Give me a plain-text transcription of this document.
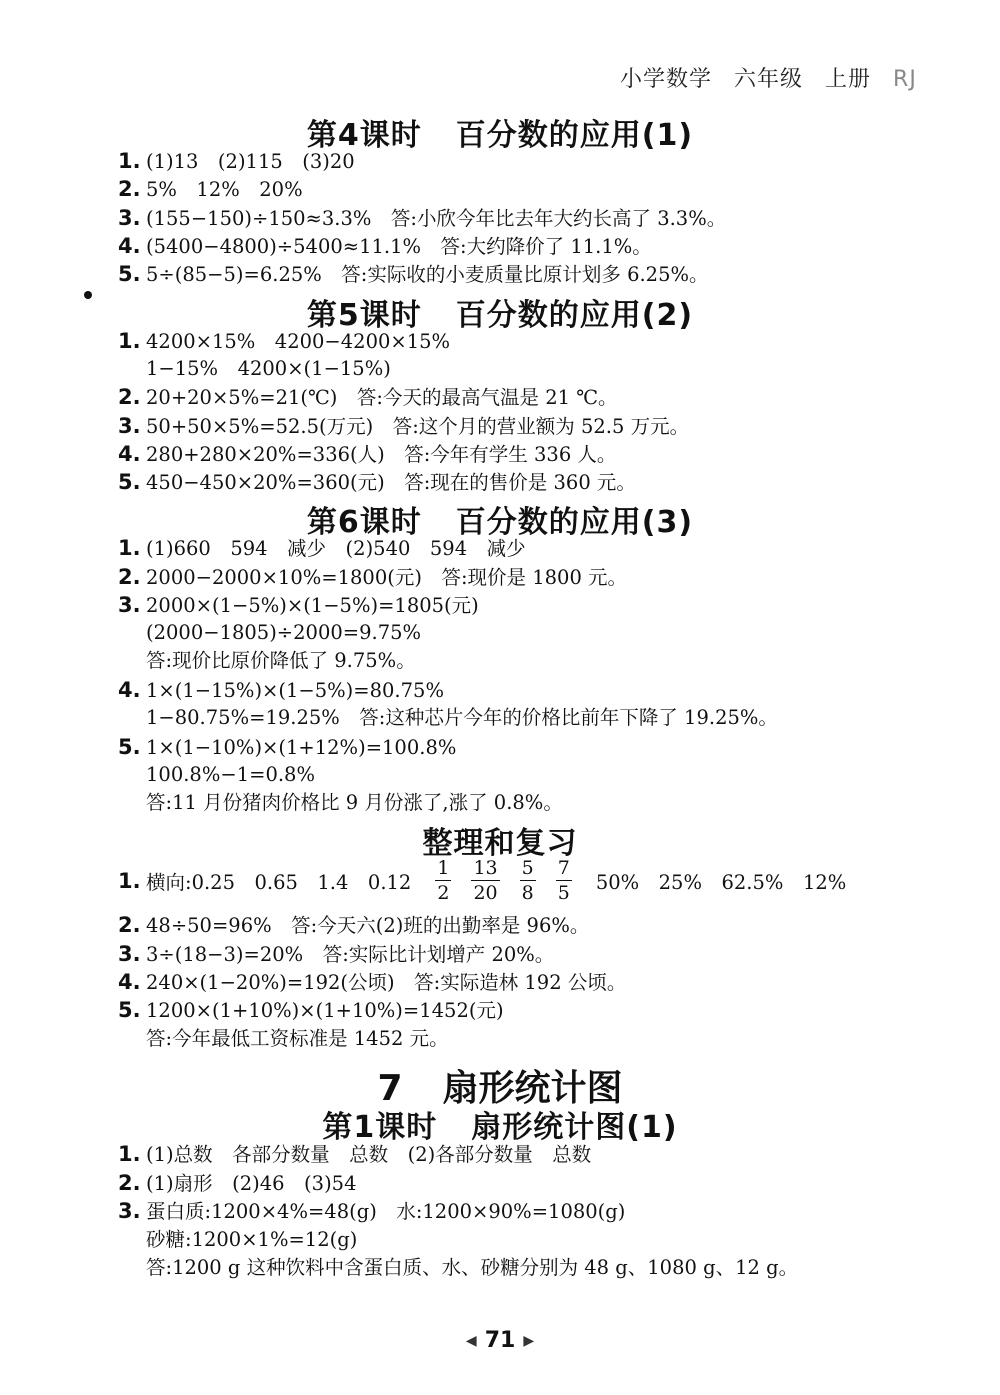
小学数学 六年级 上册 RJ
第4课时 百分数的应用(1)
1. (1)13　(2)115　(3)20
2. 5%　12%　20%
3. (155−150)÷150≈3.3%　答:小欣今年比去年大约长高了 3.3%。
4. (5400−4800)÷5400≈11.1%　答:大约降价了 11.1%。
5. 5÷(85−5)=6.25%　答:实际收的小麦质量比原计划多 6.25%。
第5课时 百分数的应用(2)
1. 4200×15%　4200−4200×15%
1−15%　4200×(1−15%)
2. 20+20×5%=21(℃)　答:今天的最高气温是 21 ℃。
3. 50+50×5%=52.5(万元)　答:这个月的营业额为 52.5 万元。
4. 280+280×20%=336(人)　答:今年有学生 336 人。
5. 450−450×20%=360(元)　答:现在的售价是 360 元。
第6课时 百分数的应用(3)
1. (1)660　594　减少　(2)540　594　减少
2. 2000−2000×10%=1800(元)　答:现价是 1800 元。
3. 2000×(1−5%)×(1−5%)=1805(元)
(2000−1805)÷2000=9.75%
答:现价比原价降低了 9.75%。
4. 1×(1−15%)×(1−5%)=80.75%
1−80.75%=19.25%　答:这种芯片今年的价格比前年下降了 19.25%。
5. 1×(1−10%)×(1+12%)=100.8%
100.8%−1=0.8%
答:11 月份猪肉价格比 9 月份涨了,涨了 0.8%。
整理和复习
1. 横向:0.25　0.65　1.4　$0.12 \frac{1}{2} \frac{13}{20} \frac{5}{8} \frac{7}{5} 50\%$　25%　62.5%　12%
2. 48÷50=96%　答:今天六(2)班的出勤率是 96%。
3. 3÷(18−3)=20%　答:实际比计划增产 20%。
4. 240×(1−20%)=192(公顷)　答:实际造林 192 公顷。
5. 1200×(1+10%)×(1+10%)=1452(元)
答:今年最低工资标准是 1452 元。
7 扇形统计图
第1课时 扇形统计图(1)
1. (1)总数　各部分数量　总数　(2)各部分数量　总数
2. (1)扇形　(2)46　(3)54
3. 蛋白质:1200×4%=48(g)　水:1200×90%=1080(g)
砂糖:1200×1%=12(g)
答:1200 g 这种饮料中含蛋白质、水、砂糖分别为 48 g、1080 g、12 g。
◀ 71 ▶
